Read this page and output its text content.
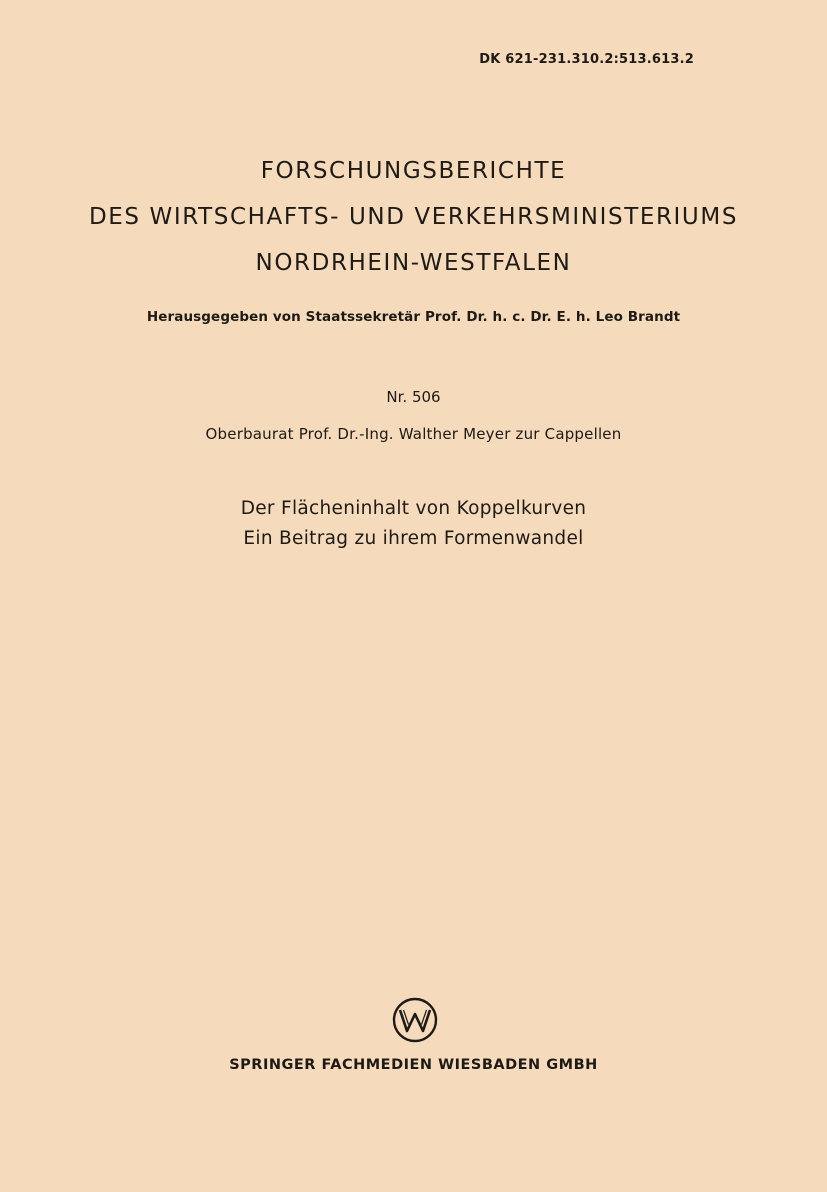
DK 621-231.310.2:513.613.2
FORSCHUNGSBERICHTE
DES WIRTSCHAFTS- UND VERKEHRSMINISTERIUMS
NORDRHEIN-WESTFALEN
Herausgegeben von Staatssekretär Prof. Dr. h. c. Dr. E. h. Leo Brandt
Nr. 506
Oberbaurat Prof. Dr.-Ing. Walther Meyer zur Cappellen
Der Flächeninhalt von Koppelkurven
Ein Beitrag zu ihrem Formenwandel
SPRINGER FACHMEDIEN WIESBADEN GMBH
